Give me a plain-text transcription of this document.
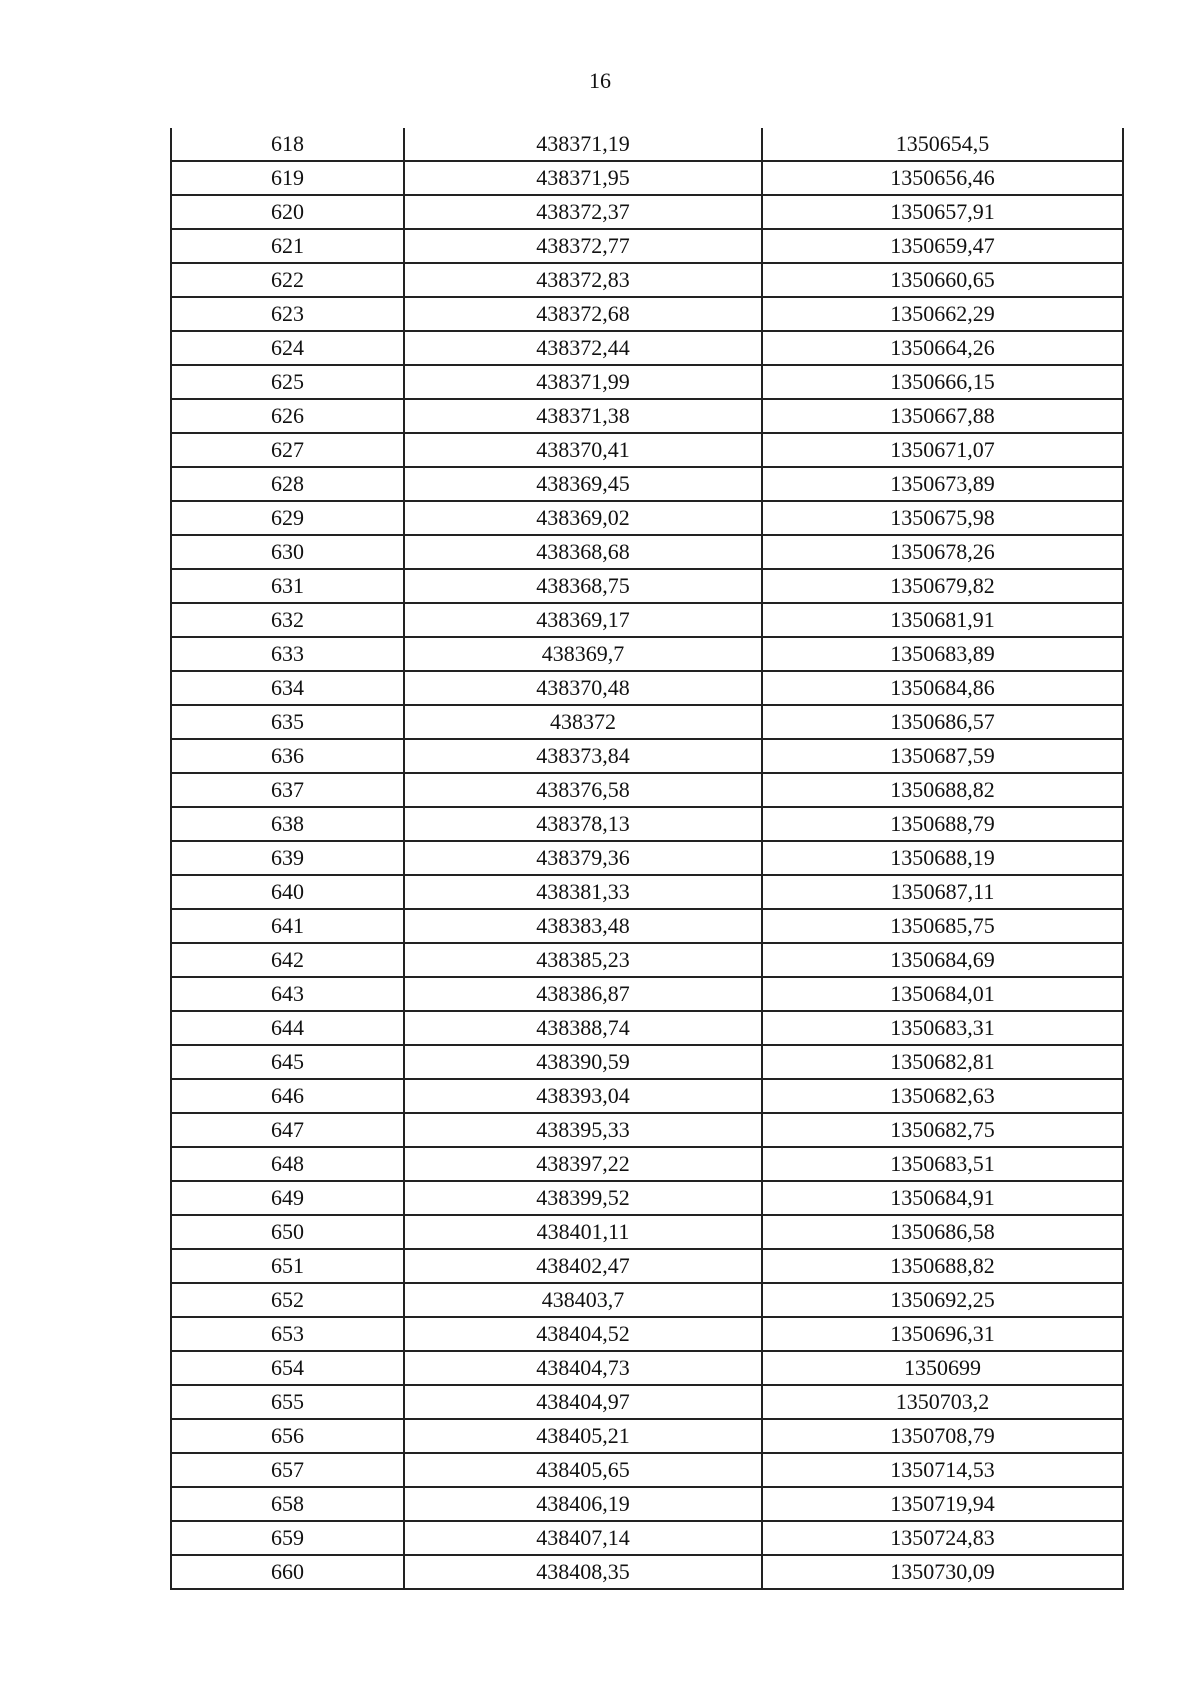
16
618	438371,19	1350654,5
619	438371,95	1350656,46
620	438372,37	1350657,91
621	438372,77	1350659,47
622	438372,83	1350660,65
623	438372,68	1350662,29
624	438372,44	1350664,26
625	438371,99	1350666,15
626	438371,38	1350667,88
627	438370,41	1350671,07
628	438369,45	1350673,89
629	438369,02	1350675,98
630	438368,68	1350678,26
631	438368,75	1350679,82
632	438369,17	1350681,91
633	438369,7	1350683,89
634	438370,48	1350684,86
635	438372	1350686,57
636	438373,84	1350687,59
637	438376,58	1350688,82
638	438378,13	1350688,79
639	438379,36	1350688,19
640	438381,33	1350687,11
641	438383,48	1350685,75
642	438385,23	1350684,69
643	438386,87	1350684,01
644	438388,74	1350683,31
645	438390,59	1350682,81
646	438393,04	1350682,63
647	438395,33	1350682,75
648	438397,22	1350683,51
649	438399,52	1350684,91
650	438401,11	1350686,58
651	438402,47	1350688,82
652	438403,7	1350692,25
653	438404,52	1350696,31
654	438404,73	1350699
655	438404,97	1350703,2
656	438405,21	1350708,79
657	438405,65	1350714,53
658	438406,19	1350719,94
659	438407,14	1350724,83
660	438408,35	1350730,09
